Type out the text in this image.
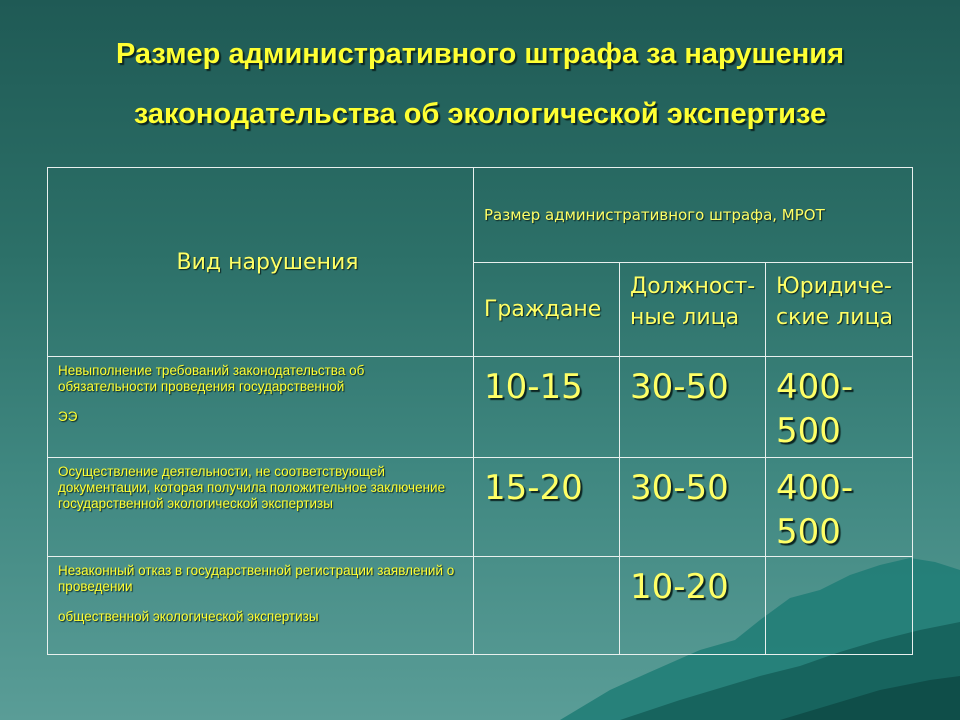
Размер административного штрафа за нарушения
законодательства об экологической экспертизе
Вид нарушения	Размер административного штрафа, МРОТ		
	Граждане	Должност-ные лица	Юридиче-ские лица
Невыполнение требований законодательства об обязательности проведения государственной
ЭЭ	10-15	30-50	400-500
Осуществление деятельности, не соответствующей документации, которая получила положительное заключение государственной экологической экспертизы	15-20	30-50	400-500
Незаконный отказ в государственной регистрации заявлений о проведении
общественной экологической экспертизы		10-20	
